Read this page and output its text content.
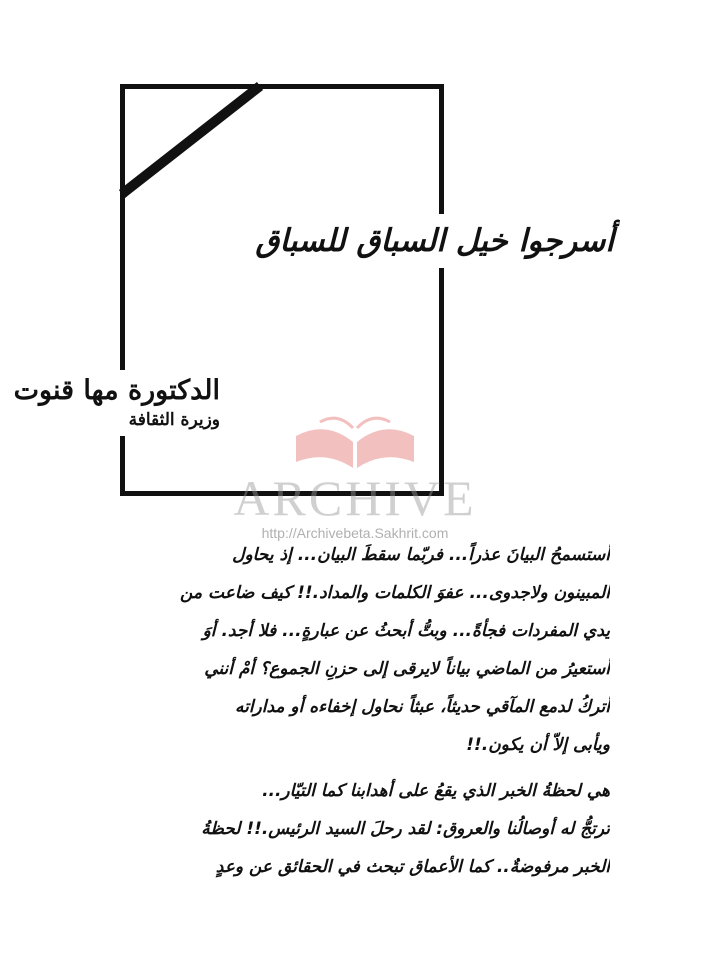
أسرجوا خيل السباق للسباق
الدكتورة مها قنوت
وزيرة الثقافة
ARCHIVE
http://Archivebeta.Sakhrit.com
أستسمحُ البيانَ عذراً... فربّما سقطَ البيان... إذ يحاول
المبينون ولاجدوى... عفوَ الكلمات والمداد.!! كيف ضاعت من
يدي المفردات فجأةً... وبتُّ أبحثُ عن عبارةٍ... فلا أجد. أوَ
أستعيرُ من الماضي بياناً لايرقى إلى حزنِ الجموع؟ أمْ أنني
أتركُ لدمع المآقي حديثاً، عبثاً نحاول إخفاءه أو مداراته
ويأبى إلاّ أن يكون.!!
هي لحظةُ الخبر الذي يقعُ على أهدابنا كما التيّار...
ترتجُّ له أوصالُنا والعروق: لقد رحلَ السيد الرئيس.!! لحظةُ
الخبر مرفوضةٌ.. كما الأعماق تبحث في الحقائق عن وعدٍ
